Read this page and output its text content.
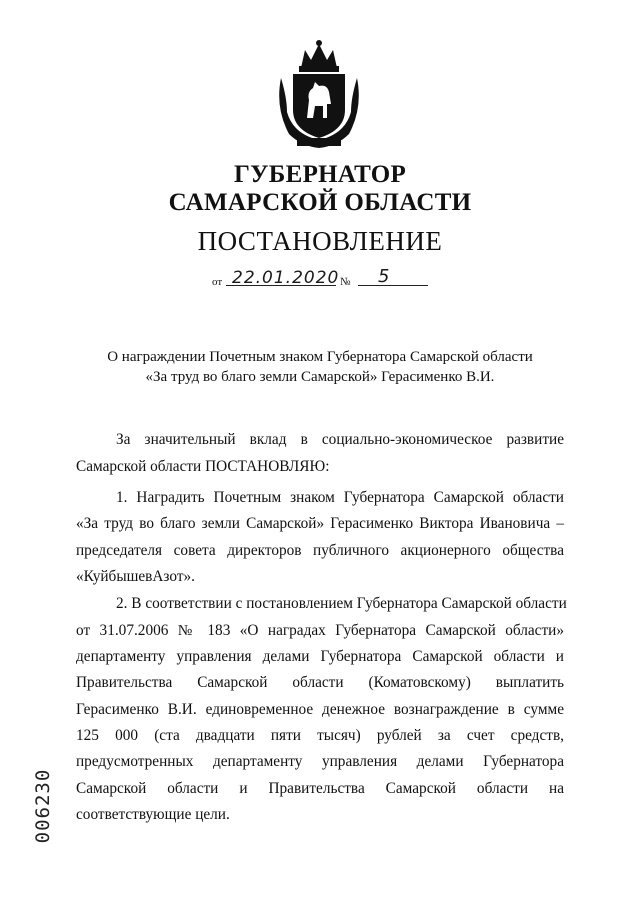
ГУБЕРНАТОР
САМАРСКОЙ ОБЛАСТИ
ПОСТАНОВЛЕНИЕ
от 22.01.2020 № 5
О награждении Почетным знаком Губернатора Самарской области
«За труд во благо земли Самарской» Герасименко В.И.
За значительный вклад в социально-экономическое развитие
Самарской области ПОСТАНОВЛЯЮ:
1. Наградить Почетным знаком Губернатора Самарской области
«За труд во благо земли Самарской» Герасименко Виктора Ивановича –
председателя совета директоров публичного акционерного общества
«КуйбышевАзот».
2. В соответствии с постановлением Губернатора Самарской области
от 31.07.2006 № 183 «О наградах Губернатора Самарской области»
департаменту управления делами Губернатора Самарской области и
Правительства Самарской области (Коматовскому) выплатить
Герасименко В.И. единовременное денежное вознаграждение в сумме
125 000 (ста двадцати пяти тысяч) рублей за счет средств,
предусмотренных департаменту управления делами Губернатора
Самарской области и Правительства Самарской области на
соответствующие цели.
006230
